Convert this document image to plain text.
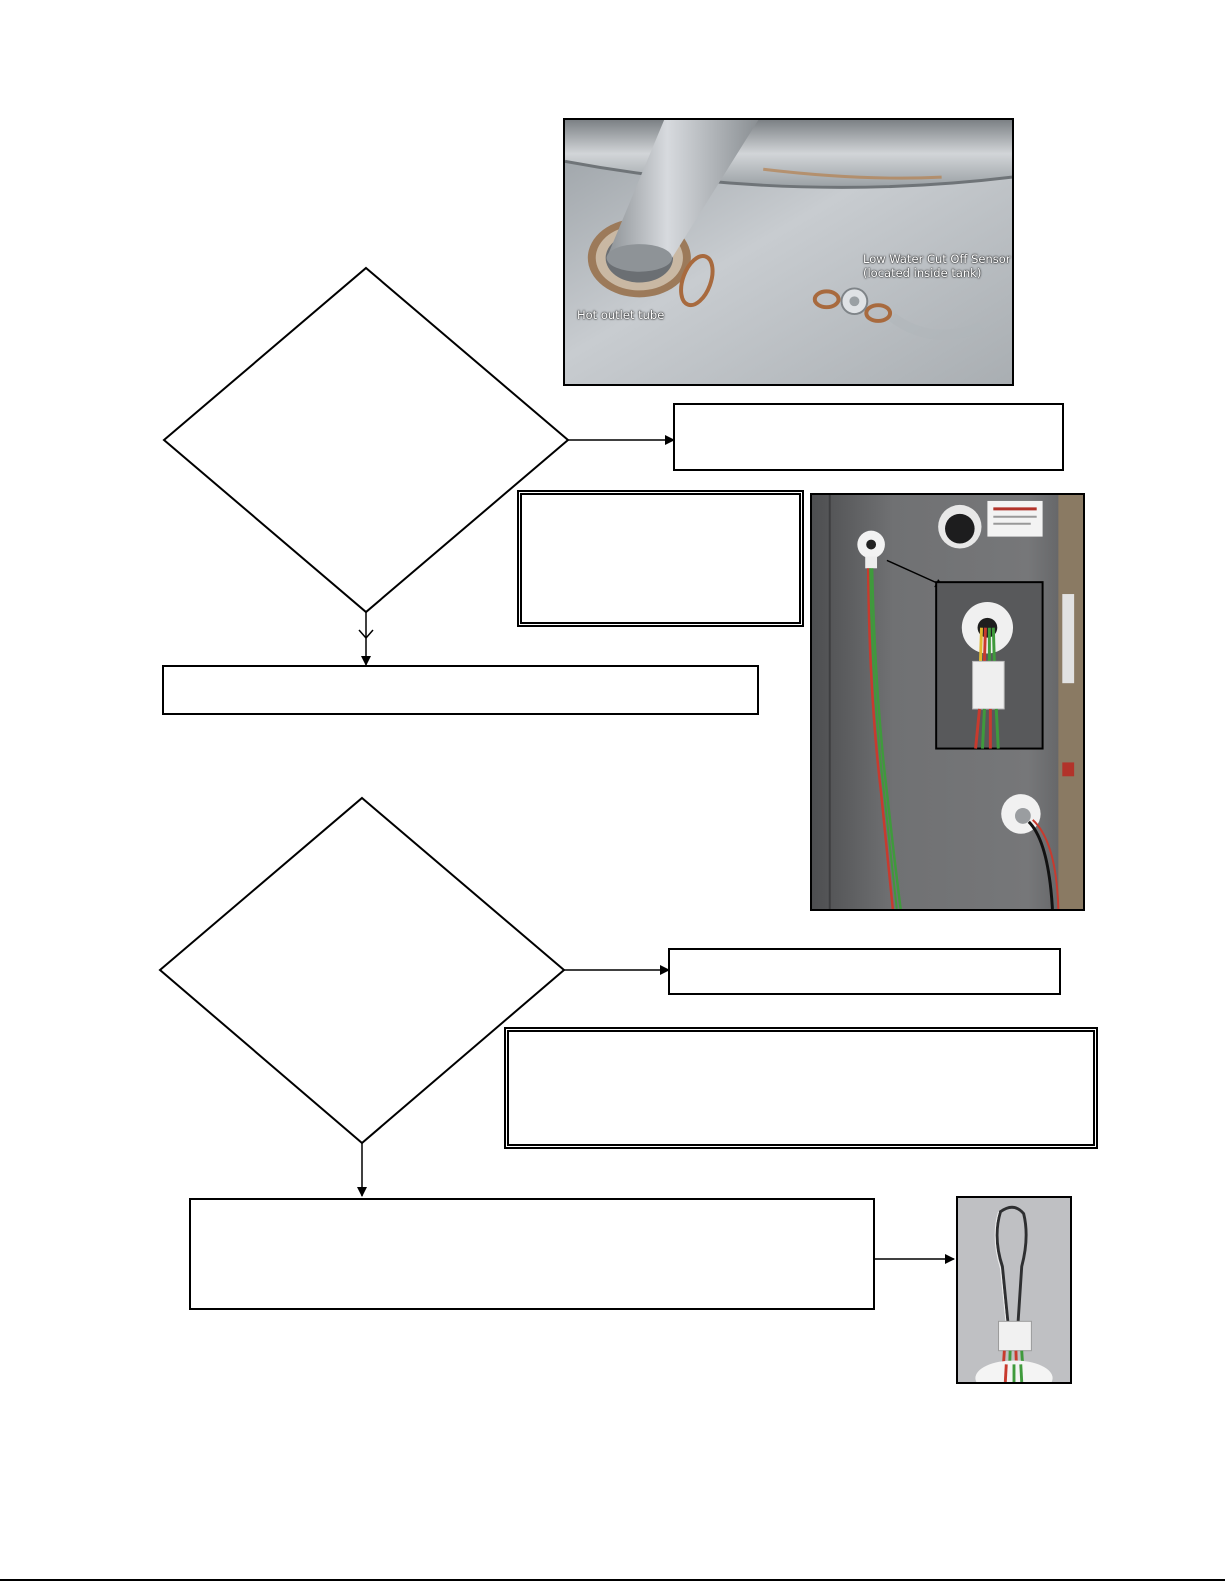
Hot outlet tube
Low Water Cut Off Sensor
(located inside tank)
